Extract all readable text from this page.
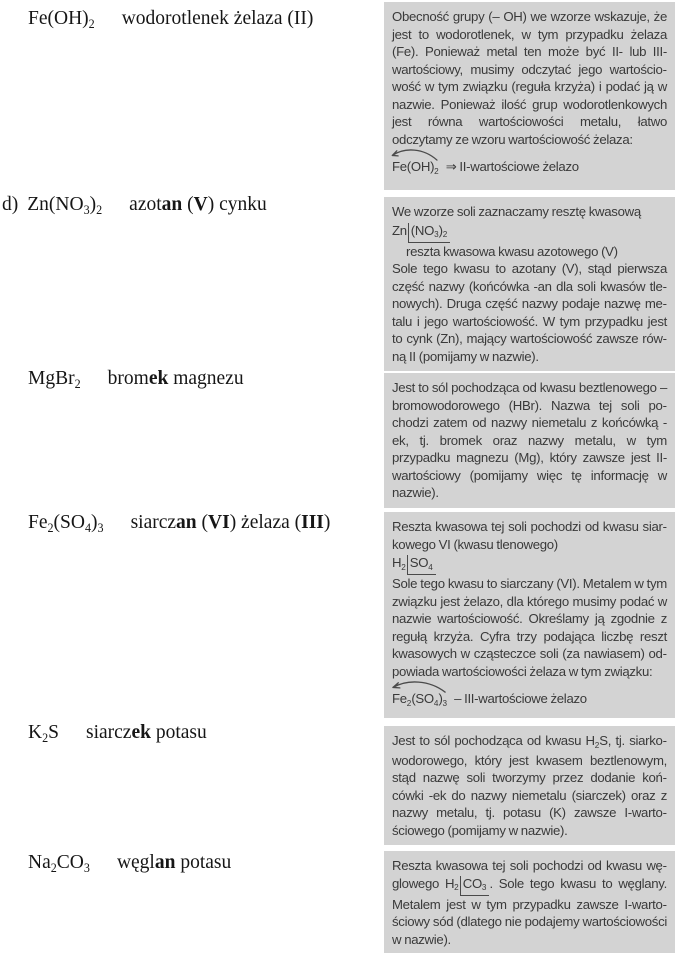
$Fe(OH)_2$ wodorotlenek żelaza (II)	Obecność grupy (– OH) we wzorze wskazuje, że jest to wodorotlenek, w tym przypadku żelaza (Fe). Ponieważ metal ten może być II- lub III-wartościowy, musimy odczytać jego wartościowość w tym związku (reguła krzyża) i podać ją w nazwie. Ponieważ ilość grup wodorotlenkowych jest równa wartościowości metalu, łatwo odczytamy ze wzoru wartościowość żelaza:

$Fe(OH)_2$ ⇒ II-wartościowe żelazo
d) $Zn(NO_3)_2$ azotan (V) cynku	We wzorze soli zaznaczamy resztę kwasową

Zn $(NO_3)_2$
reszta kwasowa kwasu azotowego (V)

Sole tego kwasu to azotany (V), stąd pierwsza część nazwy (końcówka -an dla soli kwasów tlenowych). Druga część nazwy podaje nazwę metalu i jego wartościowość. W tym przypadku jest to cynk (Zn), mający wartościowość zawsze równą II (pomijamy w nazwie).

MgBr$_2$ bromek magnezu	Jest to sól pochodząca od kwasu beztlenowego – bromowodorowego (HBr). Nazwa tej soli pochodzi zatem od nazwy niemetalu z końcówką -ek, tj. bromek oraz nazwy metalu, w tym przypadku magnezu (Mg), który zawsze jest II-wartościowy (pomijamy więc tę informację w nazwie).

$Fe_2(SO_4)_3$ siarczan (VI) żelaza (III)	Reszta kwasowa tej soli pochodzi od kwasu siarkowego VI (kwasu tlenowego)

$H_2$ $SO_4$

Sole tego kwasu to siarczany (VI). Metalem w tym związku jest żelazo, dla którego musimy podać w nazwie wartościowość. Określamy ją zgodnie z regułą krzyża. Cyfra trzy podająca liczbę reszt kwasowych w cząsteczce soli (za nawiasem) odpowiada wartościowości żelaza w tym związku:

$Fe_2(SO_4)_3$ – III-wartościowe żelazo
$K_2S$ siarczek potasu	Jest to sól pochodząca od kwasu $H_2S$, tj. siarkowodorowego, który jest kwasem beztlenowym, stąd nazwę soli tworzymy przez dodanie końcówki -ek do nazwy niemetalu (siarczek) oraz z nazwy metalu, tj. potasu (K) zawsze I-wartościowego (pomijamy w nazwie).

$Na_2CO_3$ węglan potasu	Reszta kwasowa tej soli pochodzi od kwasu węglowego $H_2$ $CO_3$ . Sole tego kwasu to węglany. Metalem jest w tym przypadku zawsze I-wartościowy sód (dlatego nie podajemy wartościowości w nazwie).
